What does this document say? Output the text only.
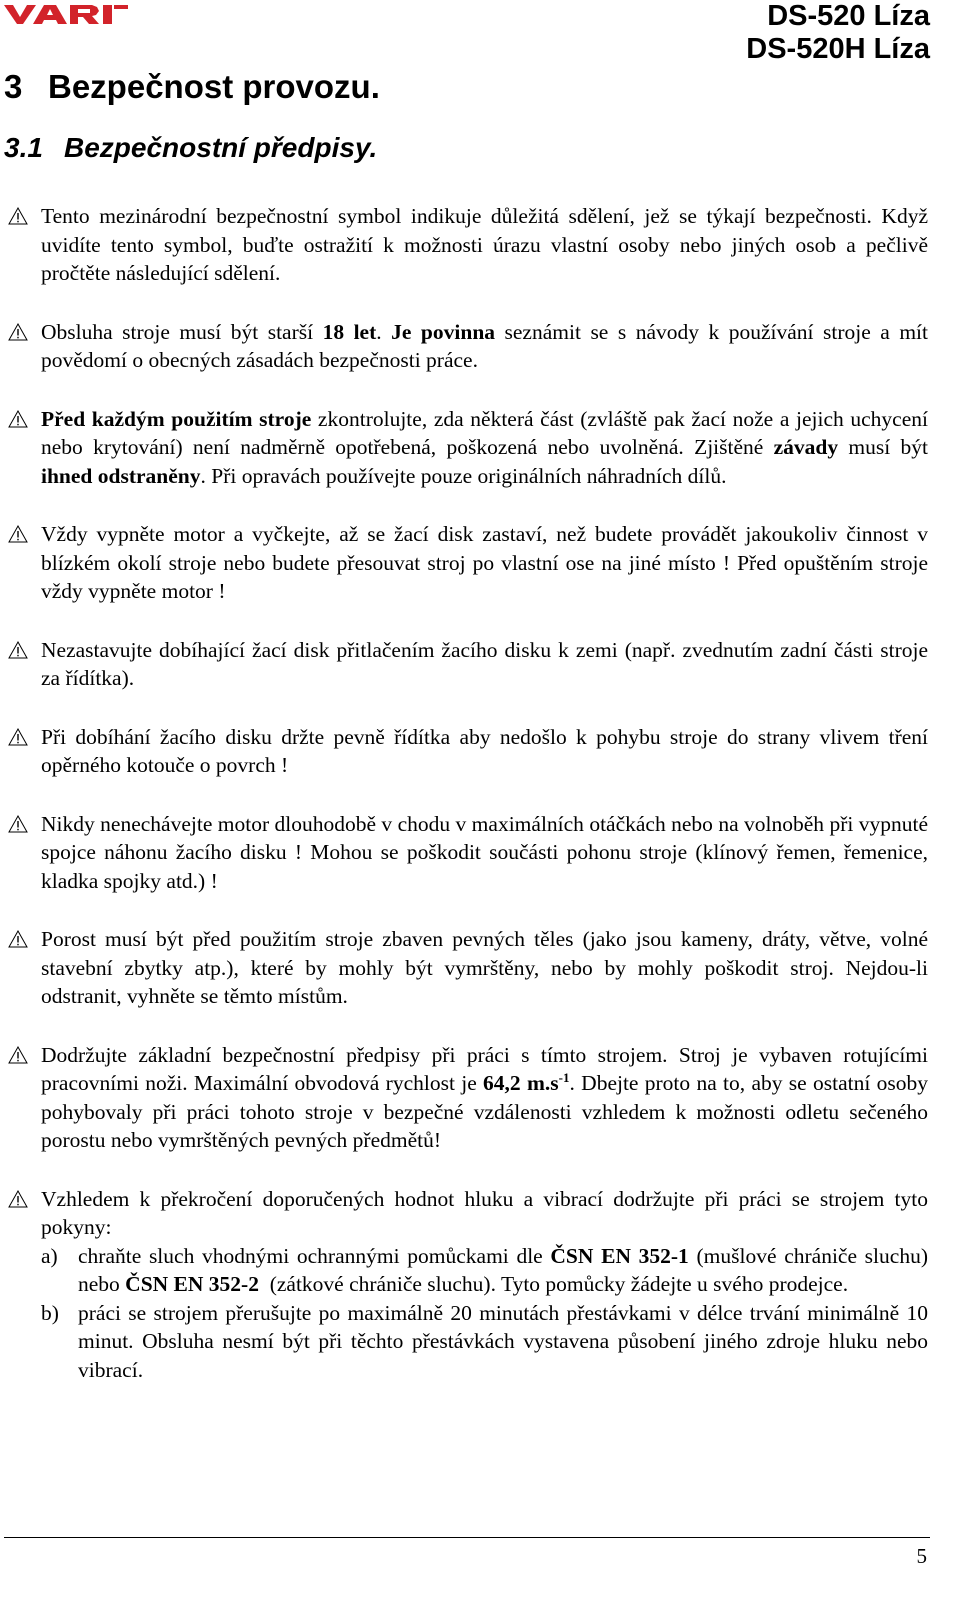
DS-520 Líza
DS-520H Líza
3 Bezpečnost provozu.
3.1 Bezpečnostní předpisy.
Tento mezinárodní bezpečnostní symbol indikuje důležitá sdělení, jež se týkají bezpečnosti. Když uvidíte tento symbol, buďte ostražití k možnosti úrazu vlastní osoby nebo jiných osob a pečlivě pročtěte následující sdělení.
Obsluha stroje musí být starší 18 let. Je povinna seznámit se s návody k používání stroje a mít povědomí o obecných zásadách bezpečnosti práce.
Před každým použitím stroje zkontrolujte, zda některá část (zvláště pak žací nože a jejich uchycení nebo krytování) není nadměrně opotřebená, poškozená nebo uvolněná. Zjištěné závady musí být ihned odstraněny. Při opravách používejte pouze originálních náhradních dílů.
Vždy vypněte motor a vyčkejte, až se žací disk zastaví, než budete provádět jakoukoliv činnost v blízkém okolí stroje nebo budete přesouvat stroj po vlastní ose na jiné místo ! Před opuštěním stroje vždy vypněte motor !
Nezastavujte dobíhající žací disk přitlačením žacího disku k zemi (např. zvednutím zadní části stroje za řídítka).
Při dobíhání žacího disku držte pevně řídítka aby nedošlo k pohybu stroje do strany vlivem tření opěrného kotouče o povrch !
Nikdy nenechávejte motor dlouhodobě v chodu v maximálních otáčkách nebo na volnoběh při vypnuté spojce náhonu žacího disku ! Mohou se poškodit součásti pohonu stroje (klínový řemen, řemenice, kladka spojky atd.) !
Porost musí být před použitím stroje zbaven pevných těles (jako jsou kameny, dráty, větve, volné stavební zbytky atp.), které by mohly být vymrštěny, nebo by mohly poškodit stroj. Nejdou-li odstranit, vyhněte se těmto místům.
Dodržujte základní bezpečnostní předpisy při práci s tímto strojem. Stroj je vybaven rotujícími pracovními noži. Maximální obvodová rychlost je 64,2 $m.s^{-1}$. Dbejte proto na to, aby se ostatní osoby pohybovaly při práci tohoto stroje v bezpečné vzdálenosti vzhledem k možnosti odletu sečeného porostu nebo vymrštěných pevných předmětů!
Vzhledem k překročení doporučených hodnot hluku a vibrací dodržujte při práci se strojem tyto pokyny:
a) chraňte sluch vhodnými ochrannými pomůckami dle ČSN EN 352-1 (mušlové chrániče sluchu) nebo ČSN EN 352-2  (zátkové chrániče sluchu). Tyto pomůcky žádejte u svého prodejce.
b) práci se strojem přerušujte po maximálně 20 minutách přestávkami v délce trvání minimálně 10 minut. Obsluha nesmí být při těchto přestávkách vystavena působení jiného zdroje hluku nebo vibrací.
5
